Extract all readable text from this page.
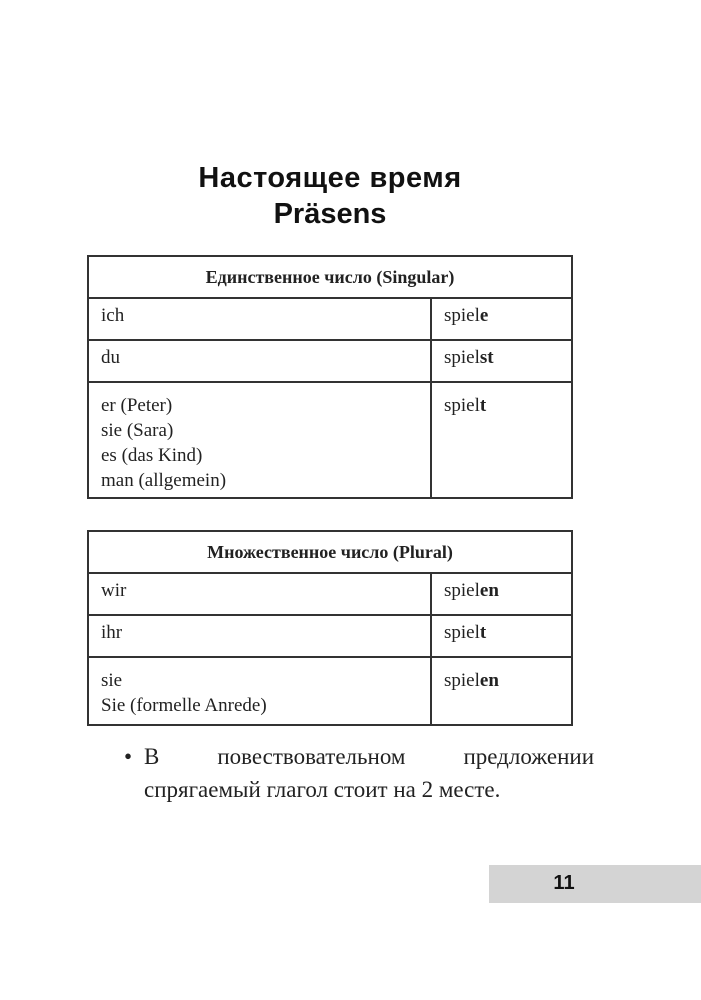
Настоящее время
Präsens
Единственное число (Singular)	

ich	spiele

du	spielst

er (Peter)
sie (Sara)
es (das Kind)
man (allgemein)	spielt
Множественное число (Plural)	

wir	spielen

ihr	spielt

sie
Sie (formelle Anrede)	spielen
• В повествовательном предложении спрягаемый глагол стоит на 2 месте.
11
